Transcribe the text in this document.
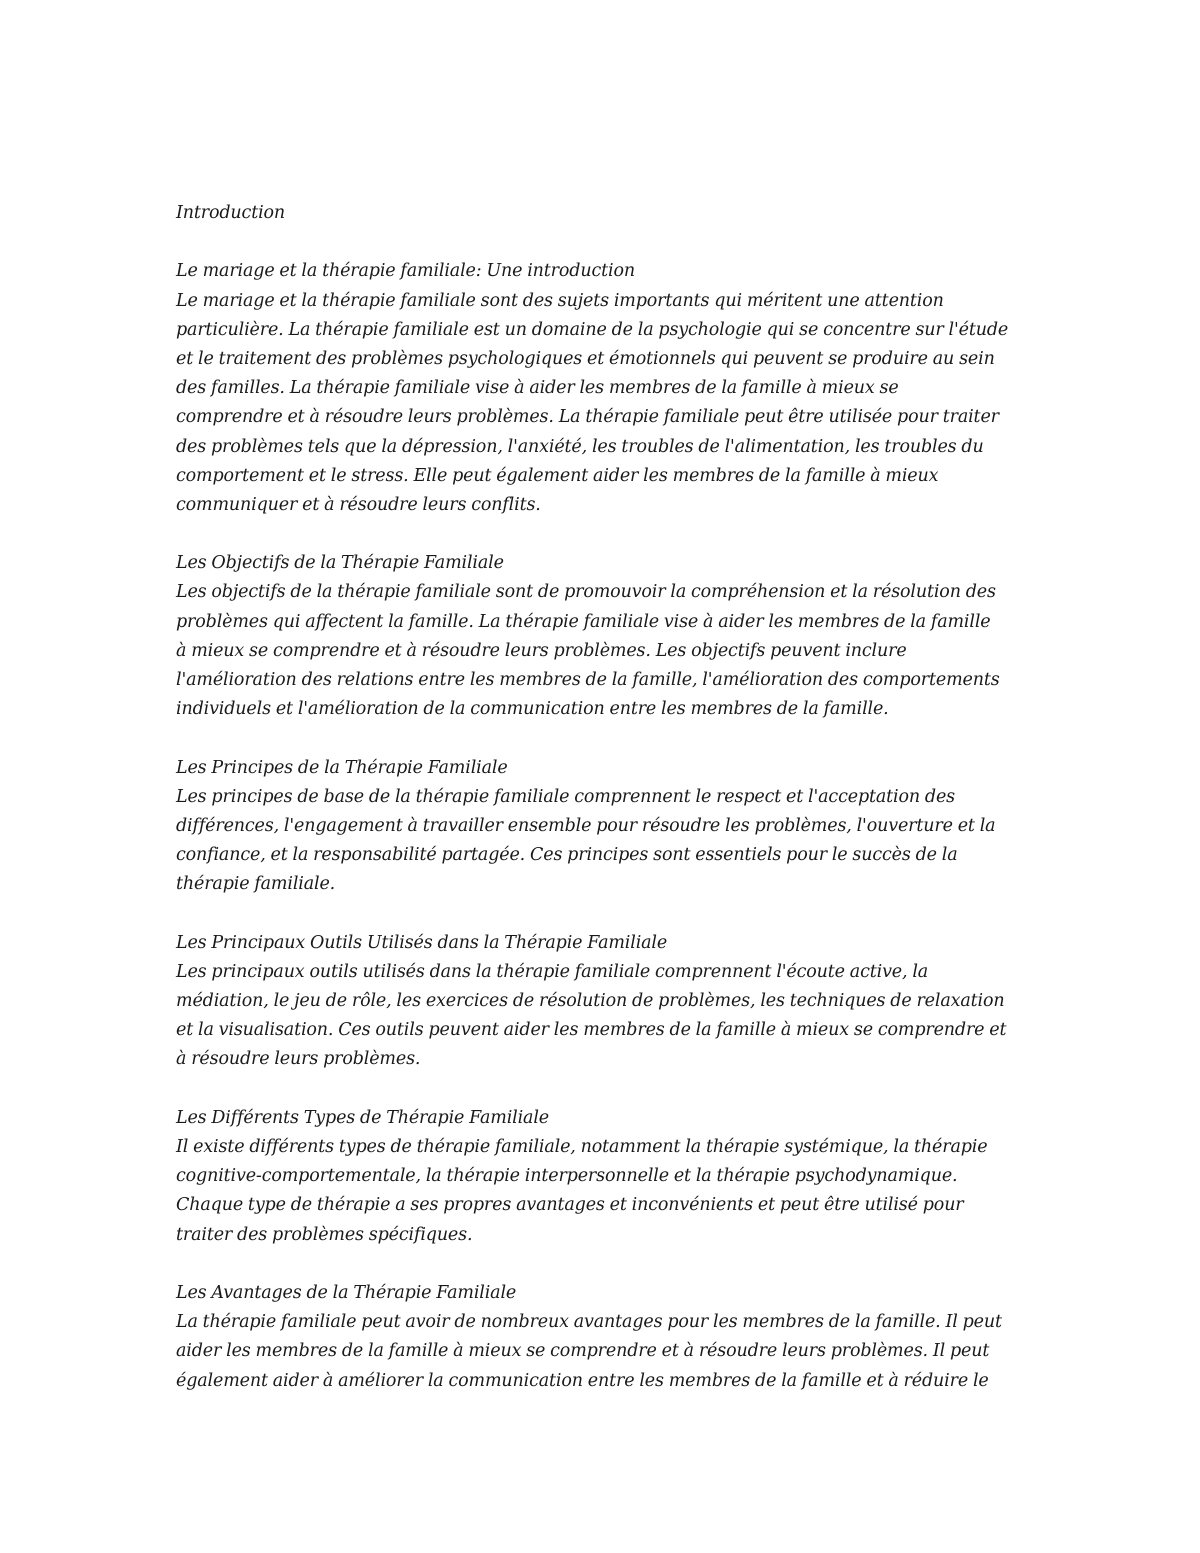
Introduction
Le mariage et la thérapie familiale: Une introduction
Le mariage et la thérapie familiale sont des sujets importants qui méritent une attention
particulière. La thérapie familiale est un domaine de la psychologie qui se concentre sur l'étude
et le traitement des problèmes psychologiques et émotionnels qui peuvent se produire au sein
des familles. La thérapie familiale vise à aider les membres de la famille à mieux se
comprendre et à résoudre leurs problèmes. La thérapie familiale peut être utilisée pour traiter
des problèmes tels que la dépression, l'anxiété, les troubles de l'alimentation, les troubles du
comportement et le stress. Elle peut également aider les membres de la famille à mieux
communiquer et à résoudre leurs conflits.
Les Objectifs de la Thérapie Familiale
Les objectifs de la thérapie familiale sont de promouvoir la compréhension et la résolution des
problèmes qui affectent la famille. La thérapie familiale vise à aider les membres de la famille
à mieux se comprendre et à résoudre leurs problèmes. Les objectifs peuvent inclure
l'amélioration des relations entre les membres de la famille, l'amélioration des comportements
individuels et l'amélioration de la communication entre les membres de la famille.
Les Principes de la Thérapie Familiale
Les principes de base de la thérapie familiale comprennent le respect et l'acceptation des
différences, l'engagement à travailler ensemble pour résoudre les problèmes, l'ouverture et la
confiance, et la responsabilité partagée. Ces principes sont essentiels pour le succès de la
thérapie familiale.
Les Principaux Outils Utilisés dans la Thérapie Familiale
Les principaux outils utilisés dans la thérapie familiale comprennent l'écoute active, la
médiation, le jeu de rôle, les exercices de résolution de problèmes, les techniques de relaxation
et la visualisation. Ces outils peuvent aider les membres de la famille à mieux se comprendre et
à résoudre leurs problèmes.
Les Différents Types de Thérapie Familiale
Il existe différents types de thérapie familiale, notamment la thérapie systémique, la thérapie
cognitive-comportementale, la thérapie interpersonnelle et la thérapie psychodynamique.
Chaque type de thérapie a ses propres avantages et inconvénients et peut être utilisé pour
traiter des problèmes spécifiques.
Les Avantages de la Thérapie Familiale
La thérapie familiale peut avoir de nombreux avantages pour les membres de la famille. Il peut
aider les membres de la famille à mieux se comprendre et à résoudre leurs problèmes. Il peut
également aider à améliorer la communication entre les membres de la famille et à réduire le
